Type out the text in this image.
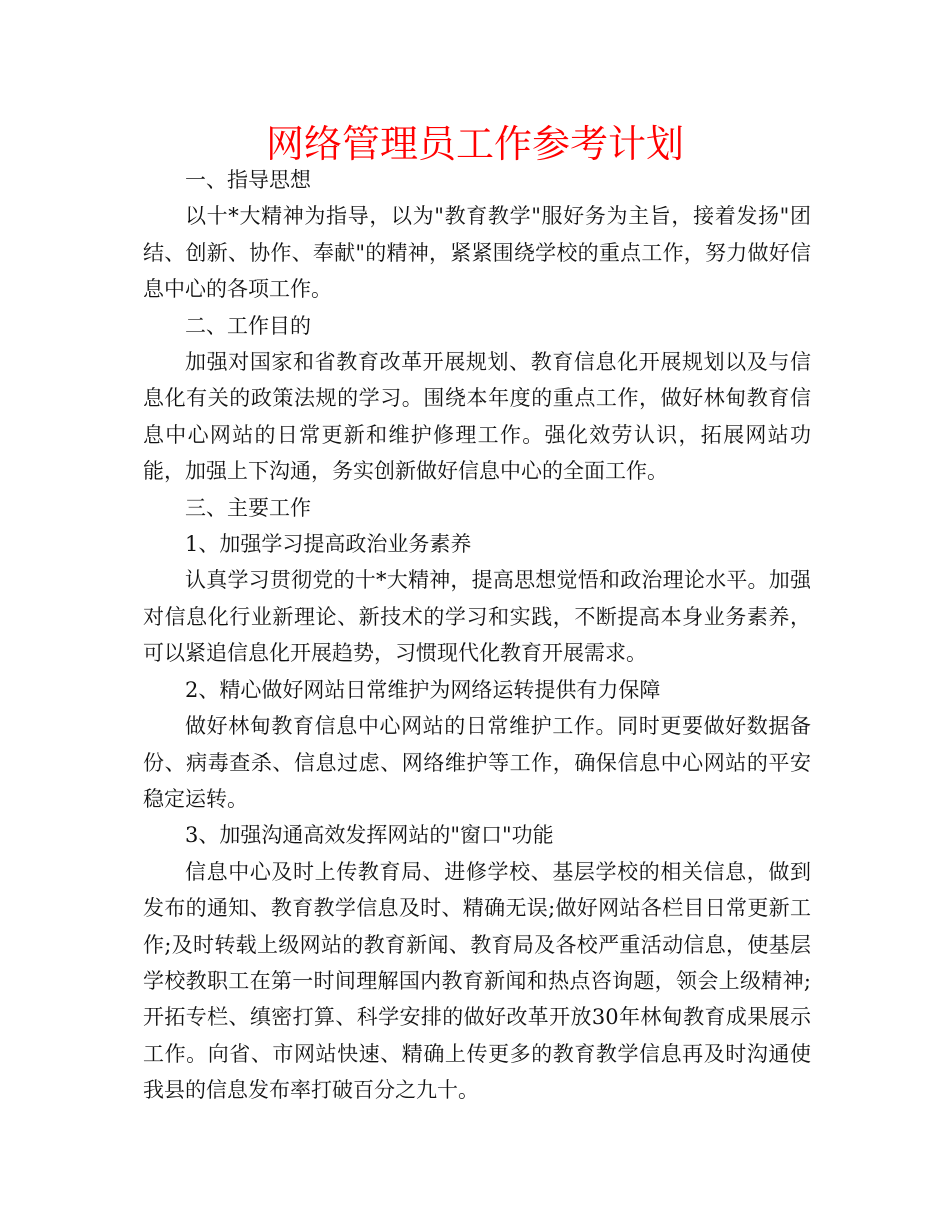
网络管理员工作参考计划

一、指导思想

以十*大精神为指导，以为"教育教学"服好务为主旨，接着发扬"团结、创新、协作、奉献"的精神，紧紧围绕学校的重点工作，努力做好信息中心的各项工作。

二、工作目的

加强对国家和省教育改革开展规划、教育信息化开展规划以及与信息化有关的政策法规的学习。围绕本年度的重点工作，做好林甸教育信息中心网站的日常更新和维护修理工作。强化效劳认识，拓展网站功能，加强上下沟通，务实创新做好信息中心的全面工作。

三、主要工作

1、加强学习提高政治业务素养

认真学习贯彻党的十*大精神，提高思想觉悟和政治理论水平。加强对信息化行业新理论、新技术的学习和实践，不断提高本身业务素养，可以紧追信息化开展趋势，习惯现代化教育开展需求。

2、精心做好网站日常维护为网络运转提供有力保障

做好林甸教育信息中心网站的日常维护工作。同时更要做好数据备份、病毒查杀、信息过虑、网络维护等工作，确保信息中心网站的平安稳定运转。

3、加强沟通高效发挥网站的"窗口"功能

信息中心及时上传教育局、进修学校、基层学校的相关信息，做到发布的通知、教育教学信息及时、精确无误;做好网站各栏目日常更新工作;及时转载上级网站的教育新闻、教育局及各校严重活动信息，使基层学校教职工在第一时间理解国内教育新闻和热点咨询题，领会上级精神;开拓专栏、缜密打算、科学安排的做好改革开放30年林甸教育成果展示工作。向省、市网站快速、精确上传更多的教育教学信息再及时沟通使我县的信息发布率打破百分之九十。
